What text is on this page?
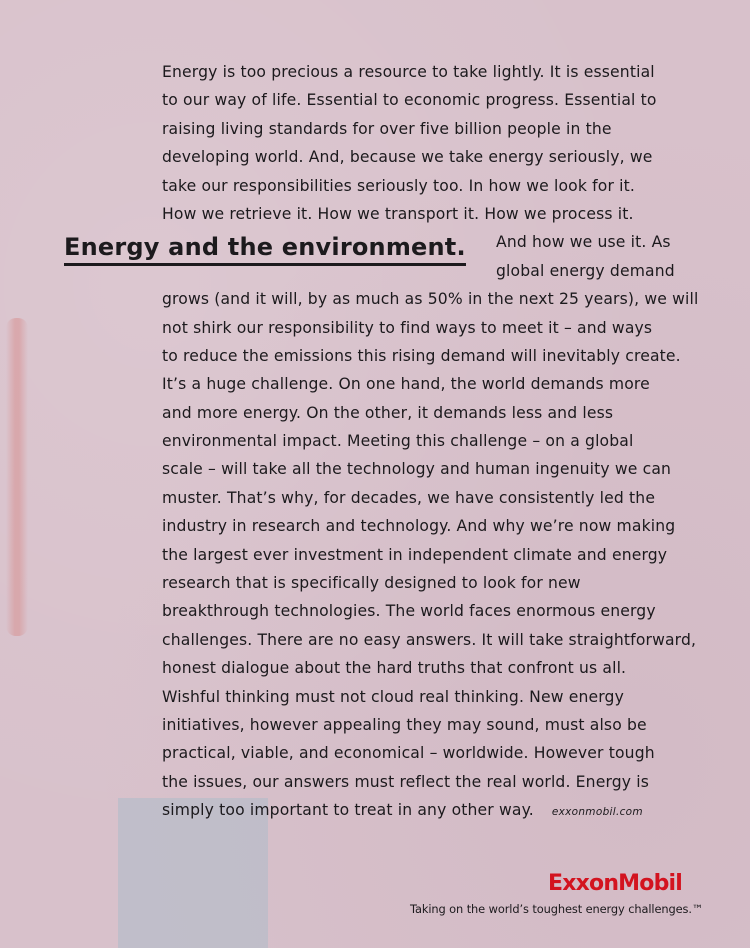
Energy and the environment.
Energy is too precious a resource to take lightly. It is essential
to our way of life. Essential to economic progress. Essential to
raising living standards for over five billion people in the
developing world. And, because we take energy seriously, we
take our responsibilities seriously too. In how we look for it.
How we retrieve it. How we transport it. How we process it.
And how we use it. As
global energy demand
grows (and it will, by as much as 50% in the next 25 years), we will
not shirk our responsibility to find ways to meet it – and ways
to reduce the emissions this rising demand will inevitably create.
It’s a huge challenge. On one hand, the world demands more
and more energy. On the other, it demands less and less
environmental impact. Meeting this challenge – on a global
scale – will take all the technology and human ingenuity we can
muster. That’s why, for decades, we have consistently led the
industry in research and technology. And why we’re now making
the largest ever investment in independent climate and energy
research that is specifically designed to look for new
breakthrough technologies. The world faces enormous energy
challenges. There are no easy answers. It will take straightforward,
honest dialogue about the hard truths that confront us all.
Wishful thinking must not cloud real thinking. New energy
initiatives, however appealing they may sound, must also be
practical, viable, and economical – worldwide. However tough
the issues, our answers must reflect the real world. Energy is
simply too important to treat in any other way. exxonmobil.com
ExxonMobil
Taking on the world’s toughest energy challenges.™
